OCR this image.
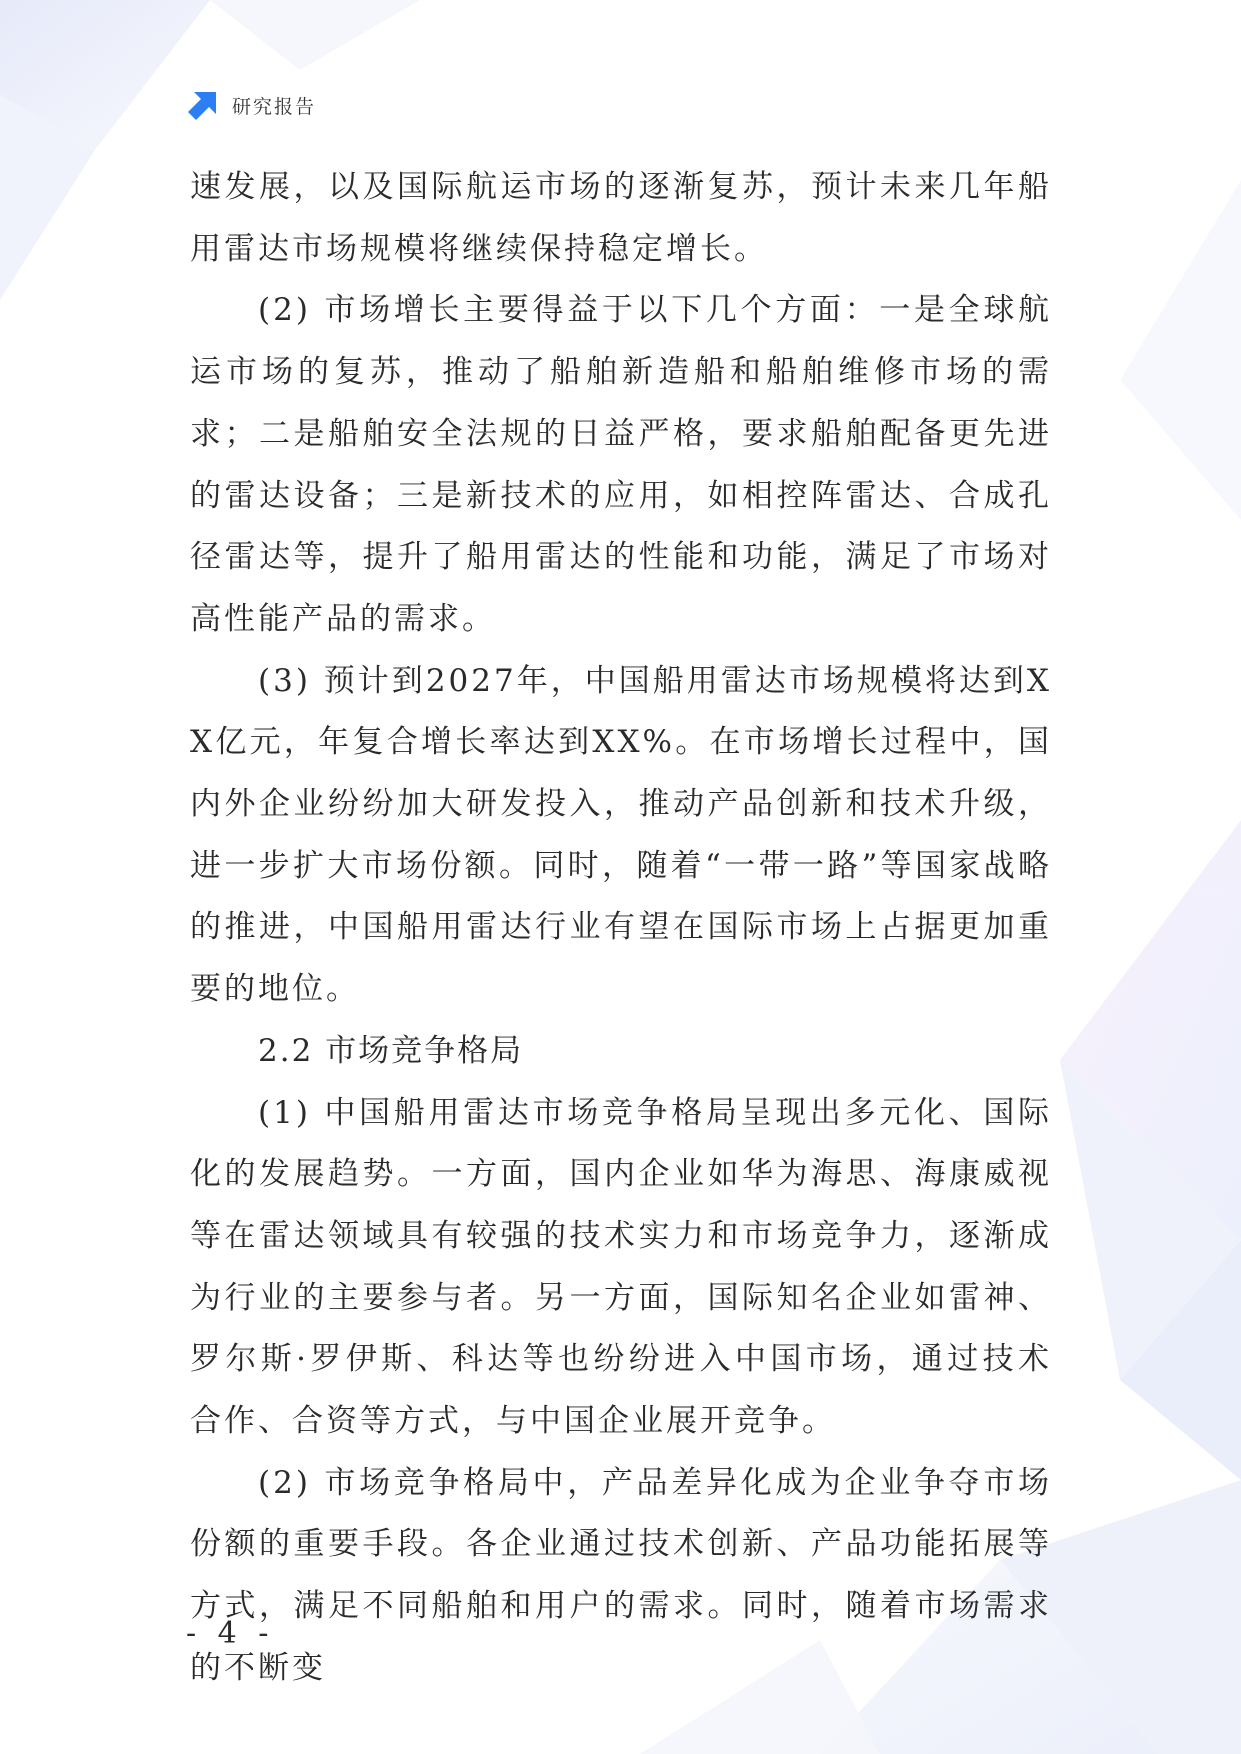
研究报告

速发展，以及国际航运市场的逐渐复苏，预计未来几年船用雷达市场规模将继续保持稳定增长。

(2) 市场增长主要得益于以下几个方面：一是全球航运市场的复苏，推动了船舶新造船和船舶维修市场的需求；二是船舶安全法规的日益严格，要求船舶配备更先进的雷达设备；三是新技术的应用，如相控阵雷达、合成孔径雷达等，提升了船用雷达的性能和功能，满足了市场对高性能产品的需求。

(3) 预计到2027年，中国船用雷达市场规模将达到XX亿元，年复合增长率达到XX%。在市场增长过程中，国内外企业纷纷加大研发投入，推动产品创新和技术升级，进一步扩大市场份额。同时，随着“一带一路”等国家战略的推进，中国船用雷达行业有望在国际市场上占据更加重要的地位。

2.2 市场竞争格局

(1) 中国船用雷达市场竞争格局呈现出多元化、国际化的发展趋势。一方面，国内企业如华为海思、海康威视等在雷达领域具有较强的技术实力和市场竞争力，逐渐成为行业的主要参与者。另一方面，国际知名企业如雷神、罗尔斯·罗伊斯、科达等也纷纷进入中国市场，通过技术合作、合资等方式，与中国企业展开竞争。

(2) 市场竞争格局中，产品差异化成为企业争夺市场份额的重要手段。各企业通过技术创新、产品功能拓展等方式，满足不同船舶和用户的需求。同时，随着市场需求的不断变

- 4 -
